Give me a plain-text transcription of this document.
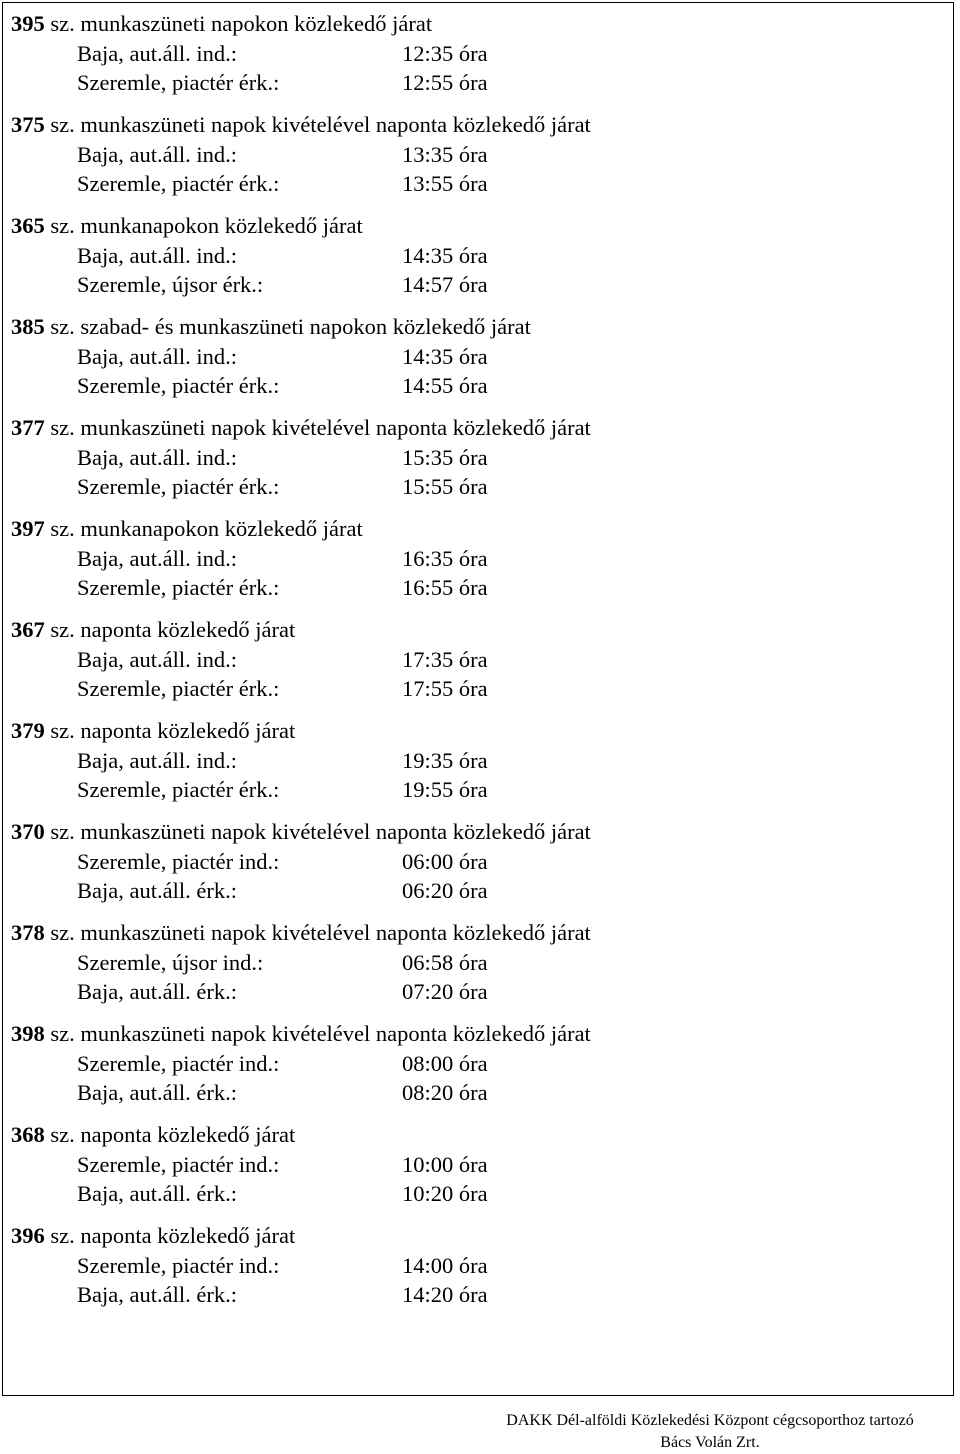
395 sz. munkaszüneti napokon közlekedő járat
Baja, aut.áll. ind.:	12:35 óra
Szeremle, piactér érk.:	12:55 óra
375 sz. munkaszüneti napok kivételével naponta közlekedő járat
Baja, aut.áll. ind.:	13:35 óra
Szeremle, piactér érk.:	13:55 óra
365 sz. munkanapokon közlekedő járat
Baja, aut.áll. ind.:	14:35 óra
Szeremle, újsor érk.:	14:57 óra
385 sz. szabad- és munkaszüneti napokon közlekedő járat
Baja, aut.áll. ind.:	14:35 óra
Szeremle, piactér érk.:	14:55 óra
377 sz. munkaszüneti napok kivételével naponta közlekedő járat
Baja, aut.áll. ind.:	15:35 óra
Szeremle, piactér érk.:	15:55 óra
397 sz. munkanapokon közlekedő járat
Baja, aut.áll. ind.:	16:35 óra
Szeremle, piactér érk.:	16:55 óra
367 sz. naponta közlekedő járat
Baja, aut.áll. ind.:	17:35 óra
Szeremle, piactér érk.:	17:55 óra
379 sz. naponta közlekedő járat
Baja, aut.áll. ind.:	19:35 óra
Szeremle, piactér érk.:	19:55 óra
370 sz. munkaszüneti napok kivételével naponta közlekedő járat
Szeremle, piactér ind.:	06:00 óra
Baja, aut.áll. érk.:	06:20 óra
378 sz. munkaszüneti napok kivételével naponta közlekedő járat
Szeremle, újsor ind.:	06:58 óra
Baja, aut.áll. érk.:	07:20 óra
398 sz. munkaszüneti napok kivételével naponta közlekedő járat
Szeremle, piactér ind.:	08:00 óra
Baja, aut.áll. érk.:	08:20 óra
368 sz. naponta közlekedő járat
Szeremle, piactér ind.:	10:00 óra
Baja, aut.áll. érk.:	10:20 óra
396 sz. naponta közlekedő járat
Szeremle, piactér ind.:	14:00 óra
Baja, aut.áll. érk.:	14:20 óra
DAKK Dél-alföldi Közlekedési Központ cégcsoporthoz tartozó
Bács Volán Zrt.
